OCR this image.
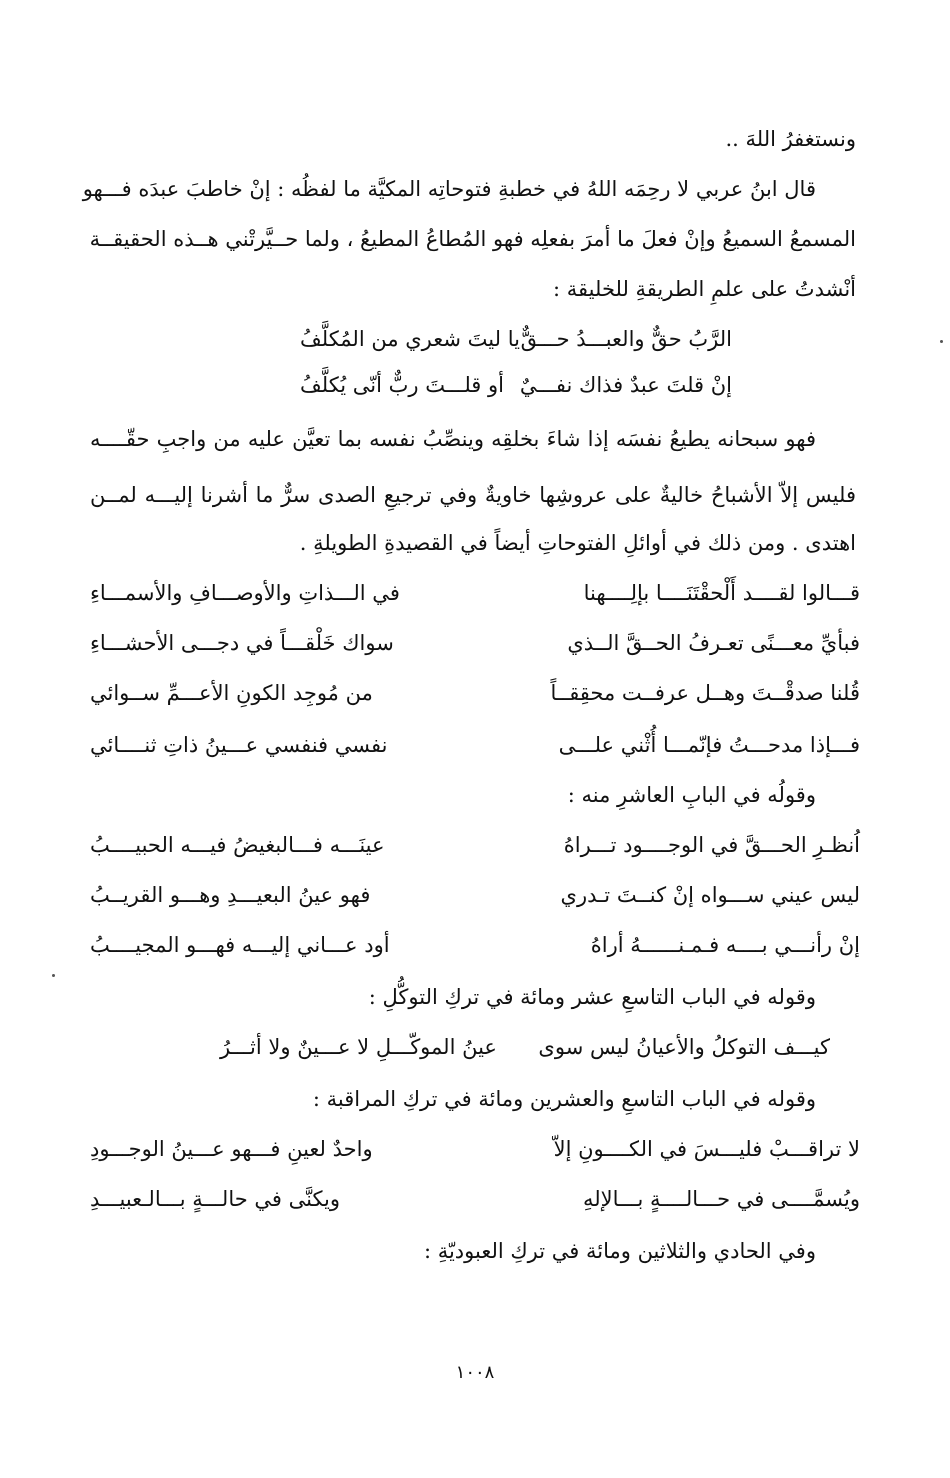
ونستغفرُ اللهَ ..
قال ابنُ عربي لا رحِمَه اللهُ في خطبةِ فتوحاتِه المكيَّة ما لفظُه : إنْ خاطبَ عبدَه فـــهو
المسمعُ السميعُ وإنْ فعلَ ما أمرَ بفعلِه فهو المُطاعُ المطيعُ ، ولما حــيَّرتْني هــذه الحقيقــة
أنْشدتُ على علمِ الطريقةِ للخليقة :
الرَّبُ حقٌّ والعبـــدُ حـــقٌّ
يا ليتَ شعري من المُكلَّفُ
إنْ قلتَ عبدٌ فذاك نفـــيٌ
أو قلـــتَ ربٌّ أنّى يُكلَّفُ
فهو سبحانه يطيعُ نفسَه إذا شاءَ بخلقِه وينصِّبُ نفسه بما تعيَّن عليه من واجبِ حقّــــه
فليس إلاّ الأشباحُ خاليةٌ على عروشِها خاويةٌ وفي ترجيعِ الصدى سرٌّ ما أشرنا إليـــه لمــن
اهتدى . ومن ذلك في أوائلِ الفتوحاتِ أيضاً في القصيدةِ الطويلةِ .
قـــالوا لقــــد أَلْحقْتَنَــــا بإلِــــهنا
في الـــذاتِ والأوصـــافِ والأسمـــاءِ
فبأيِّ معـــنًى تعـرفُ الحــقَّ الــذي
سواك خَلْقـــاً في دجـــى الأحشـــاءِ
قُلنا صدقْــتَ وهــل عرفــت محقِقــاً
من مُوجِد الكونِ الأعـــمِّ ســوائي
فـــإذا مدحـــتُ فإنّمـــا أُثْني علـــى
نفسي فنفسي عـــينُ ذاتِ ثنــــائي
وقولُه في البابِ العاشرِ منه :
اُنظـرِ الحـــقَّ في الوجــــود تـــراهُ
عينَـــه فـــالبغيضُ فيـــه الحبيــــبُ
ليس عيني ســـواه إنْ كنــتَ تـدري
فهو عينُ البعيـــدِ وهـــو القريــبُ
إنْ رأنـــي بــــه فـمـنــــــهُ أراهُ
أود عـــاني إليـــه فهـــو المجيــــبُ
وقوله في الباب التاسعِ عشر ومائة في تركِ التوكُّلِ :
كيـــف التوكلُ والأعيانُ ليس سوى
عينُ الموكّـــلِ لا عـــينٌ ولا أثـــرُ
وقوله في الباب التاسعِ والعشرين ومائة في تركِ المراقبة :
لا تراقـــبْ فليـــسَ في الكــــونِ إلاّ
واحدٌ لعينِ فـــهو عـــينُ الوجـــودِ
ويُسمَّــــى في حـــالــــةٍ بـــالإلهِ
ويكنَّى في حالـــةٍ بـــالـعبيـــدِ
وفي الحادي والثلاثين ومائة في تركِ العبوديّةِ :
١٠٠٨
